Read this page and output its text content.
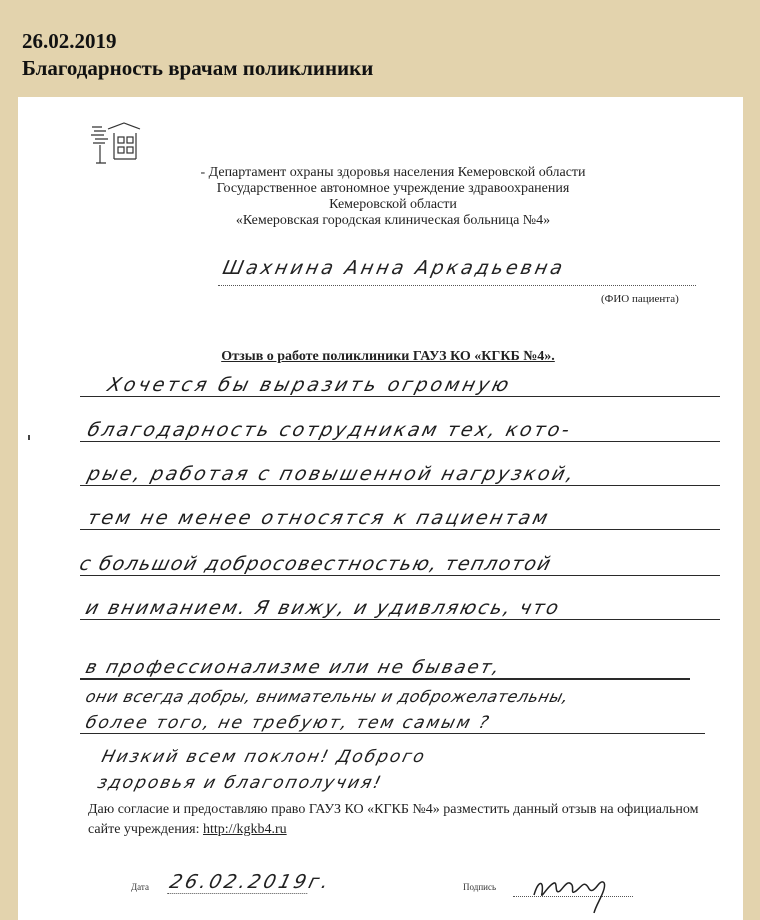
26.02.2019
Благодарность врачам поликлиники
- Департамент охраны здоровья населения Кемеровской области
Государственное автономное учреждение здравоохранения
Кемеровской области
«Кемеровская городская клиническая больница №4»
Шахнина Анна Аркадьевна
(ФИО пациента)
Отзыв о работе поликлиники ГАУЗ КО «КГКБ №4».
Хочется бы выразить огромную
благодарность сотрудникам тех, кото-
рые, работая с повышенной нагрузкой,
тем не менее относятся к пациентам
с большой добросовестностью, теплотой
и вниманием. Я вижу, и удивляюсь, что
в профессионализме или не бывает,
они всегда добры, внимательны и доброжелательны,
более того, не требуют, тем самым ?
Низкий всем поклон! Доброго
здоровья и благополучия!
Даю согласие и предоставляю право ГАУЗ КО «КГКБ №4» разместить данный отзыв на официальном сайте учреждения: http://kgkb4.ru
Дата 26.02.2019г.	Подпись
